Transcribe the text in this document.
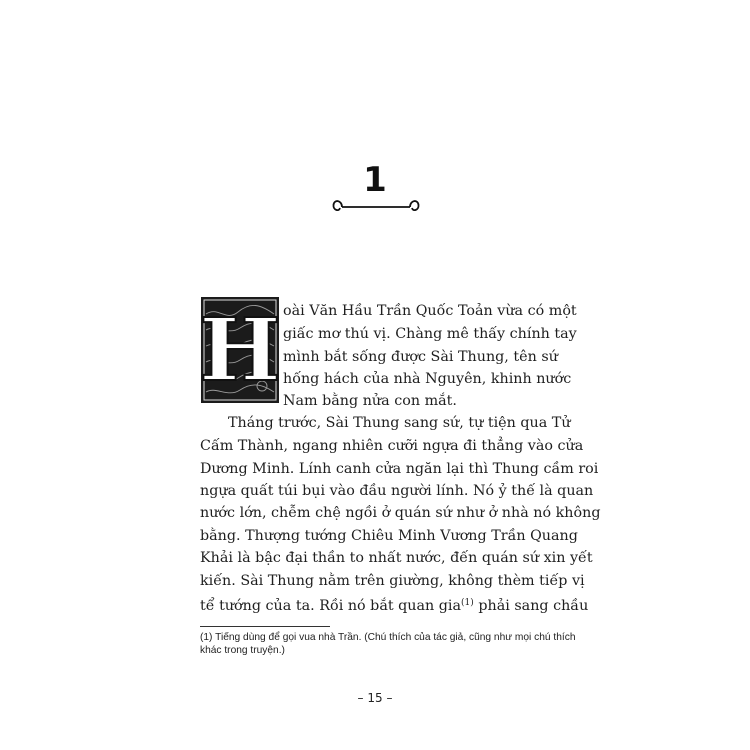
1
H oài Văn Hầu Trần Quốc Toản vừa có một
giấc mơ thú vị. Chàng mê thấy chính tay
mình bắt sống được Sài Thung, tên sứ
hống hách của nhà Nguyên, khinh nước
Nam bằng nửa con mắt.
Tháng trước, Sài Thung sang sứ, tự tiện qua Tử
Cấm Thành, ngang nhiên cưỡi ngựa đi thẳng vào cửa
Dương Minh. Lính canh cửa ngăn lại thì Thung cầm roi
ngựa quất túi bụi vào đầu người lính. Nó ỷ thế là quan
nước lớn, chễm chệ ngồi ở quán sứ như ở nhà nó không
bằng. Thượng tướng Chiêu Minh Vương Trần Quang
Khải là bậc đại thần to nhất nước, đến quán sứ xin yết
kiến. Sài Thung nằm trên giường, không thèm tiếp vị
tể tướng của ta. Rồi nó bắt quan gia$^{(1)}$ phải sang chầu
(1) Tiếng dùng để gọi vua nhà Trần. (Chú thích của tác giả, cũng như mọi chú thích
khác trong truyện.)
– 15 –
